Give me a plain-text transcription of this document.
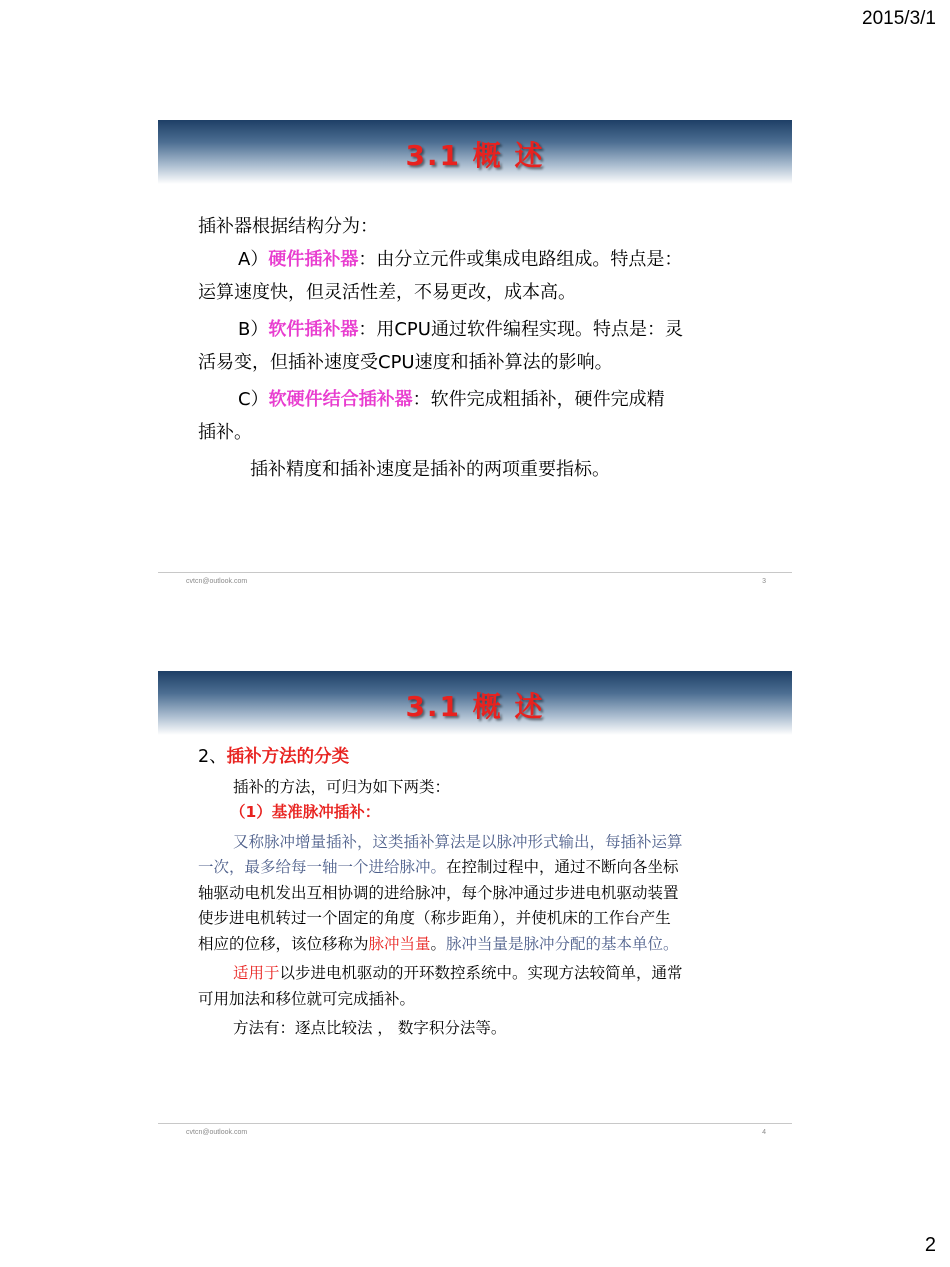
2015/3/1
3.1 概 述

插补器根据结构分为：

A）硬件插补器：由分立元件或集成电路组成。特点是：

运算速度快，但灵活性差，不易更改，成本高。

B）软件插补器：用CPU通过软件编程实现。特点是：灵

活易变，但插补速度受CPU速度和插补算法的影响。

C）软硬件结合插补器：软件完成粗插补，硬件完成精

插补。

插补精度和插补速度是插补的两项重要指标。

cvtcn@outlook.com	3
3.1 概 述

2、插补方法的分类

插补的方法，可归为如下两类：

（1）基准脉冲插补：

又称脉冲增量插补，这类插补算法是以脉冲形式输出，每插补运算

一次，最多给每一轴一个进给脉冲。在控制过程中，通过不断向各坐标

轴驱动电机发出互相协调的进给脉冲，每个脉冲通过步进电机驱动装置

使步进电机转过一个固定的角度（称步距角），并使机床的工作台产生

相应的位移，该位移称为脉冲当量。脉冲当量是脉冲分配的基本单位。

适用于以步进电机驱动的开环数控系统中。实现方法较简单，通常

可用加法和移位就可完成插补。

方法有：逐点比较法 ， 数字积分法等。

cvtcn@outlook.com	4
2
